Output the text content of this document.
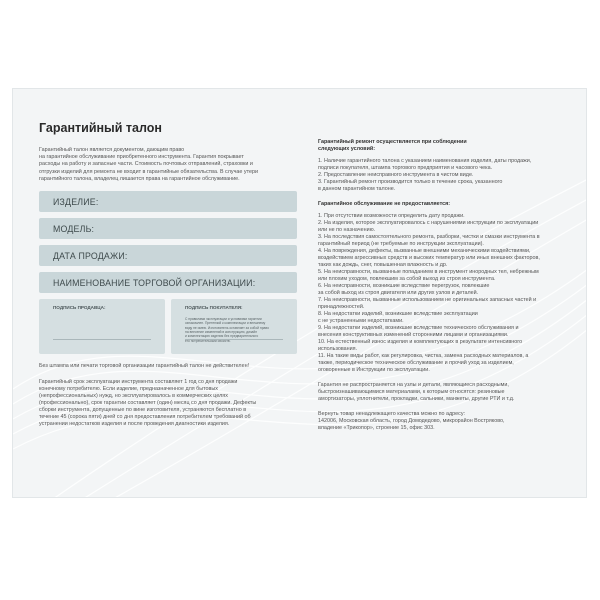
Гарантийный талон

Гарантийный талон является документом, дающим право
на гарантийное обслуживание приобретенного инструмента. Гарантия покрывает
расходы на работу и запасные части. Стоимость почтовых отправлений, страховки и
отгрузки изделий для ремонта не входит в гарантийные обязательства. В случае утери
гарантийного талона, владелец лишается права на гарантийное обслуживание.

ИЗДЕЛИЕ:
МОДЕЛЬ:
ДАТА ПРОДАЖИ:
НАИМЕНОВАНИЕ ТОРГОВОЙ ОРГАНИЗАЦИИ:
ПОДПИСЬ ПРОДАВЦА:	ПОДПИСЬ ПОКУПАТЕЛЯ:
С правилами эксплуатации и условиями гарантии
ознакомлен. Претензий к комплектации и внешнему
виду не имею. Изготовитель оставляет за собой право
на внесение изменений в конструкцию, дизайн
и комплектацию изделия без предварительного
его потребительский свойств.

Без штампа или печати торговой организации гарантийный талон не действителен!

Гарантийный срок эксплуатации инструмента составляет 1 год со дня продажи
конечному потребителю. Если изделие, предназначенное для бытовых
(непрофессиональных) нужд, но эксплуатировалось в коммерческих целях
(профессионально), срок гарантии составляет (один) месяц со дня продажи. Дефекты
сборки инструмента, допущенные по вине изготовителя, устраняются бесплатно в
течение 45 (сорока пяти) дней со дня предоставления потребителем требований об
устранении недостатков изделия и после проведения диагностики изделия.

Гарантийный ремонт осуществляется при соблюдении
следующих условий:

1. Наличие гарантийного талона с указанием наименования изделия, даты продажи,
подписи покупателя, штампа торгового предприятия и часового чека.
2. Предоставление неисправного инструмента в чистом виде.
3. Гарантийный ремонт производится только в течение срока, указанного
в данном гарантийном талоне.

Гарантийное обслуживание не предоставляется:

1. При отсутствии возможности определить дату продажи.
2. На изделия, которое эксплуатировалось с нарушениями инструкции по эксплуатации
или не по назначению.
3. На последствия самостоятельного ремонта, разборки, чистки и смазки инструмента в
гарантийный период (не требуемые по инструкции эксплуатации).
4. На повреждения, дефекты, вызванные внешними механическими воздействиями,
воздействием агрессивных средств и высоких температур или иных внешних факторов,
таких как дождь, снег, повышенная влажность и др.
5. На неисправности, вызванные попаданием в инструмент инородных тел, небрежным
или плохим уходом, повлекшим за собой выход из строя инструмента.
6. На неисправности, возникшие вследствие перегрузок, повлекшие
за собой выход из строя двигателя или других узлов и деталей.
7. На неисправности, вызванные использованием не оригинальных запасных частей и
принадлежностей.
8. На недостатки изделий, возникшие вследствие эксплуатации
с не устраненными недостатками.
9. На недостатки изделий, возникшие вследствие технического обслуживания и
внесения конструктивных изменений сторонними лицами и организациями.
10. На естественный износ изделия и комплектующих в результате интенсивного
использования.
11. На такие виды работ, как регулировка, чистка, замена расходных материалов, а
также, периодическое техническое обслуживание и прочий уход за изделием,
оговоренные в Инструкции по эксплуатации.

Гарантия не распространяется на узлы и детали, являющиеся расходными,
быстроизнашивающимися материалами, к которым относятся: резиновые
амортизаторы, уплотнители, прокладки, сальники, манжеты, другие РТИ и т.д.

Вернуть товар ненадлежащего качества можно по адресу:
142006, Московская область, город Домодедово, микрорайон Востряково,
владение «Трикопор», строение 15, офис 303.
